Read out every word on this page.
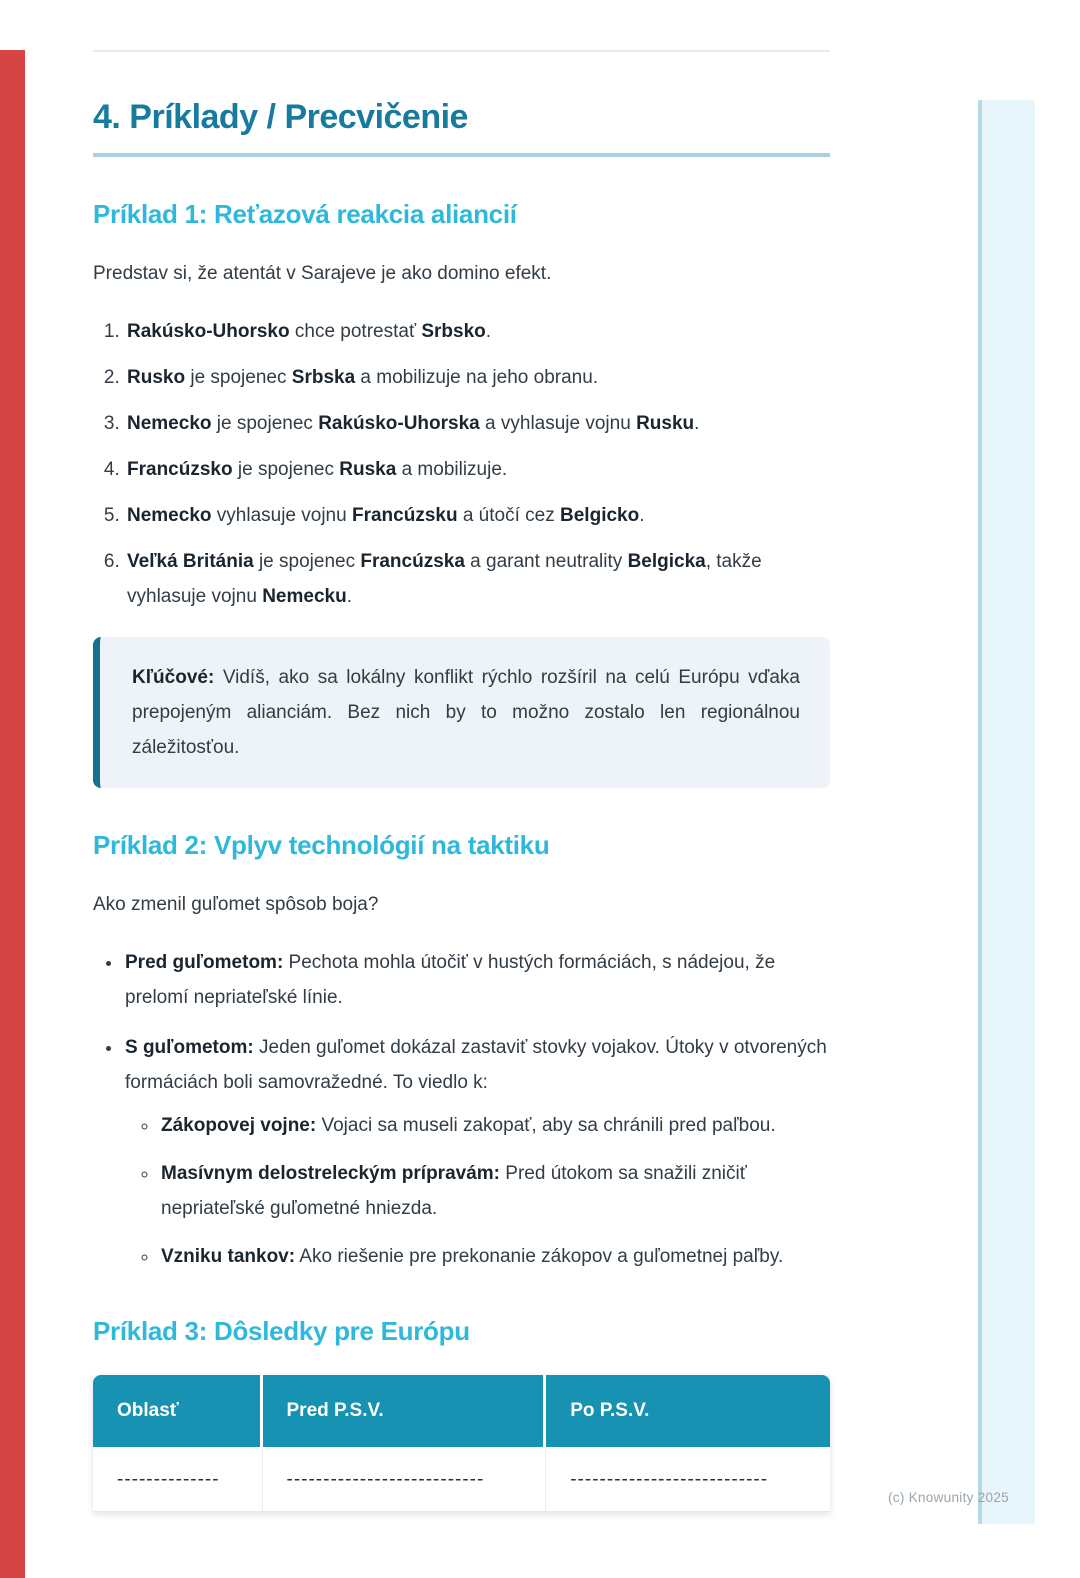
(c) Knowunity 2025
4. Príklady / Precvičenie
Príklad 1: Reťazová reakcia aliancií

Predstav si, že atentát v Sarajeve je ako domino efekt.

1. Rakúsko-Uhorsko chce potrestať Srbsko.
2. Rusko je spojenec Srbska a mobilizuje na jeho obranu.
3. Nemecko je spojenec Rakúsko-Uhorska a vyhlasuje vojnu Rusku.
4. Francúzsko je spojenec Ruska a mobilizuje.
5. Nemecko vyhlasuje vojnu Francúzsku a útočí cez Belgicko.
6. Veľká Británia je spojenec Francúzska a garant neutrality Belgicka, takže vyhlasuje vojnu Nemecku.

Kľúčové: Vidíš, ako sa lokálny konflikt rýchlo rozšíril na celú Európu vďaka prepojeným alianciám. Bez nich by to možno zostalo len regionálnou záležitosťou.

Príklad 2: Vplyv technológií na taktiku

Ako zmenil guľomet spôsob boja?

• Pred guľometom: Pechota mohla útočiť v hustých formáciách, s nádejou, že prelomí nepriateľské línie.
• S guľometom: Jeden guľomet dokázal zastaviť stovky vojakov. Útoky v otvorených formáciách boli samovražedné. To viedlo k:
◦ Zákopovej vojne: Vojaci sa museli zakopať, aby sa chránili pred paľbou.
◦ Masívnym delostreleckým prípravám: Pred útokom sa snažili zničiť nepriateľské guľometné hniezda.
◦ Vzniku tankov: Ako riešenie pre prekonanie zákopov a guľometnej paľby.
Príklad 3: Dôsledky pre Európu
Oblasť	Pred P.S.V.	Po P.S.V.
--------------	---------------------------	---------------------------
